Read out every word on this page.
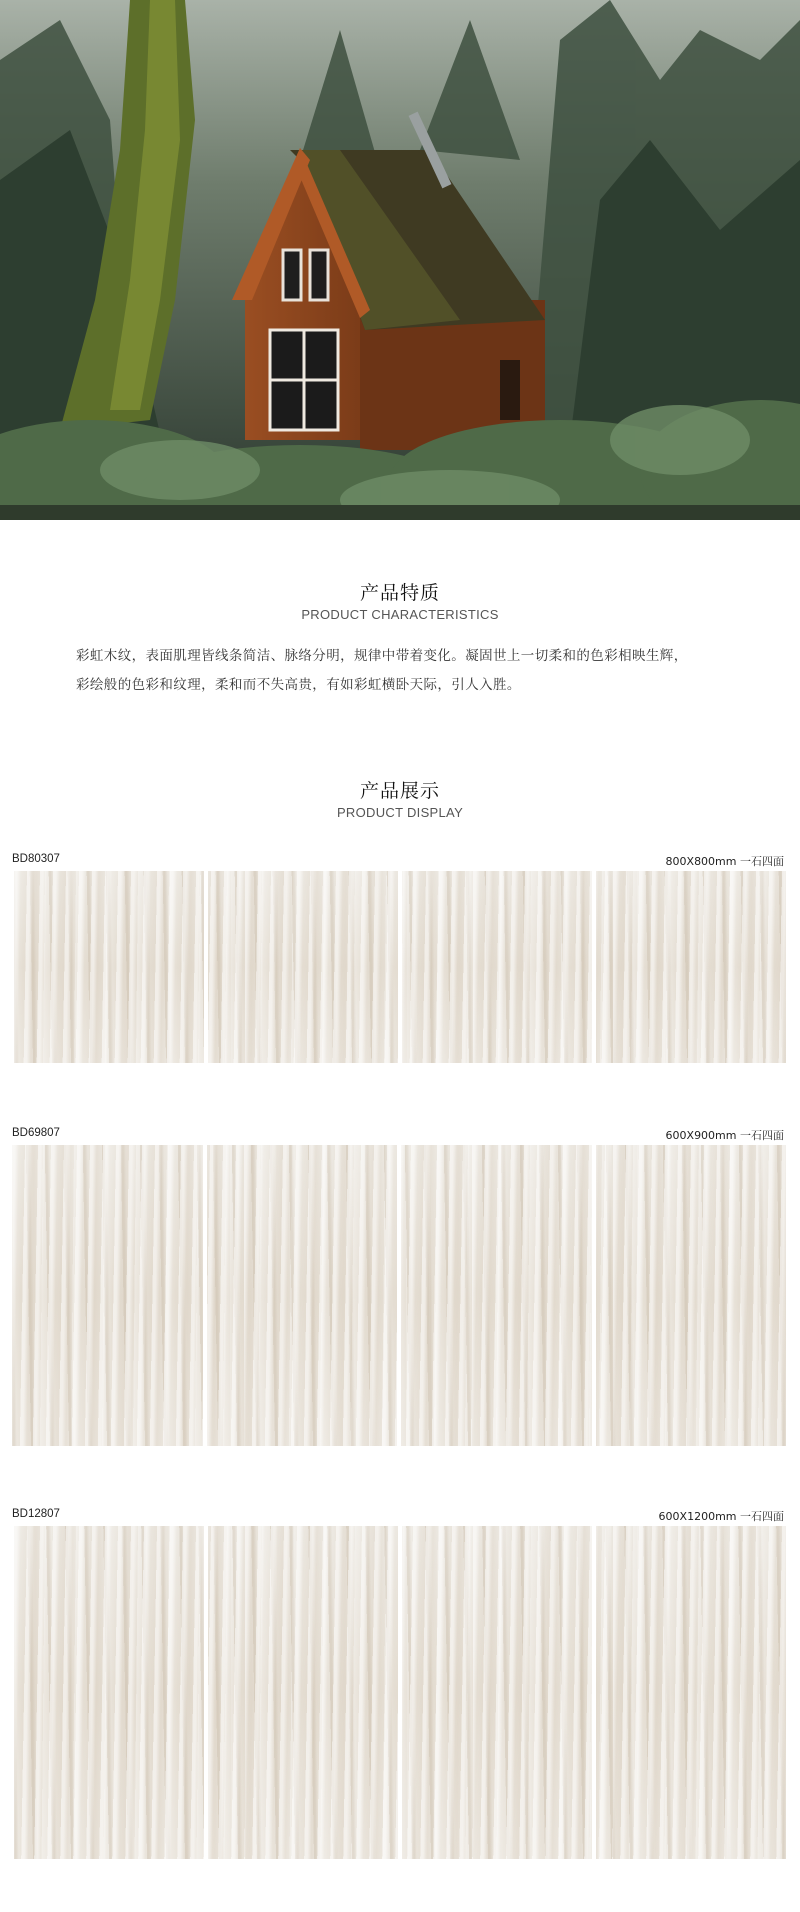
产品特质
PRODUCT CHARACTERISTICS
彩虹木纹，表面肌理皆线条简洁、脉络分明，规律中带着变化。凝固世上一切柔和的色彩相映生辉，
彩绘般的色彩和纹理，柔和而不失高贵，有如彩虹横卧天际，引人入胜。
产品展示
PRODUCT DISPLAY
BD80307	800X800mm 一石四面
BD69807	600X900mm 一石四面
BD12807	600X1200mm 一石四面
